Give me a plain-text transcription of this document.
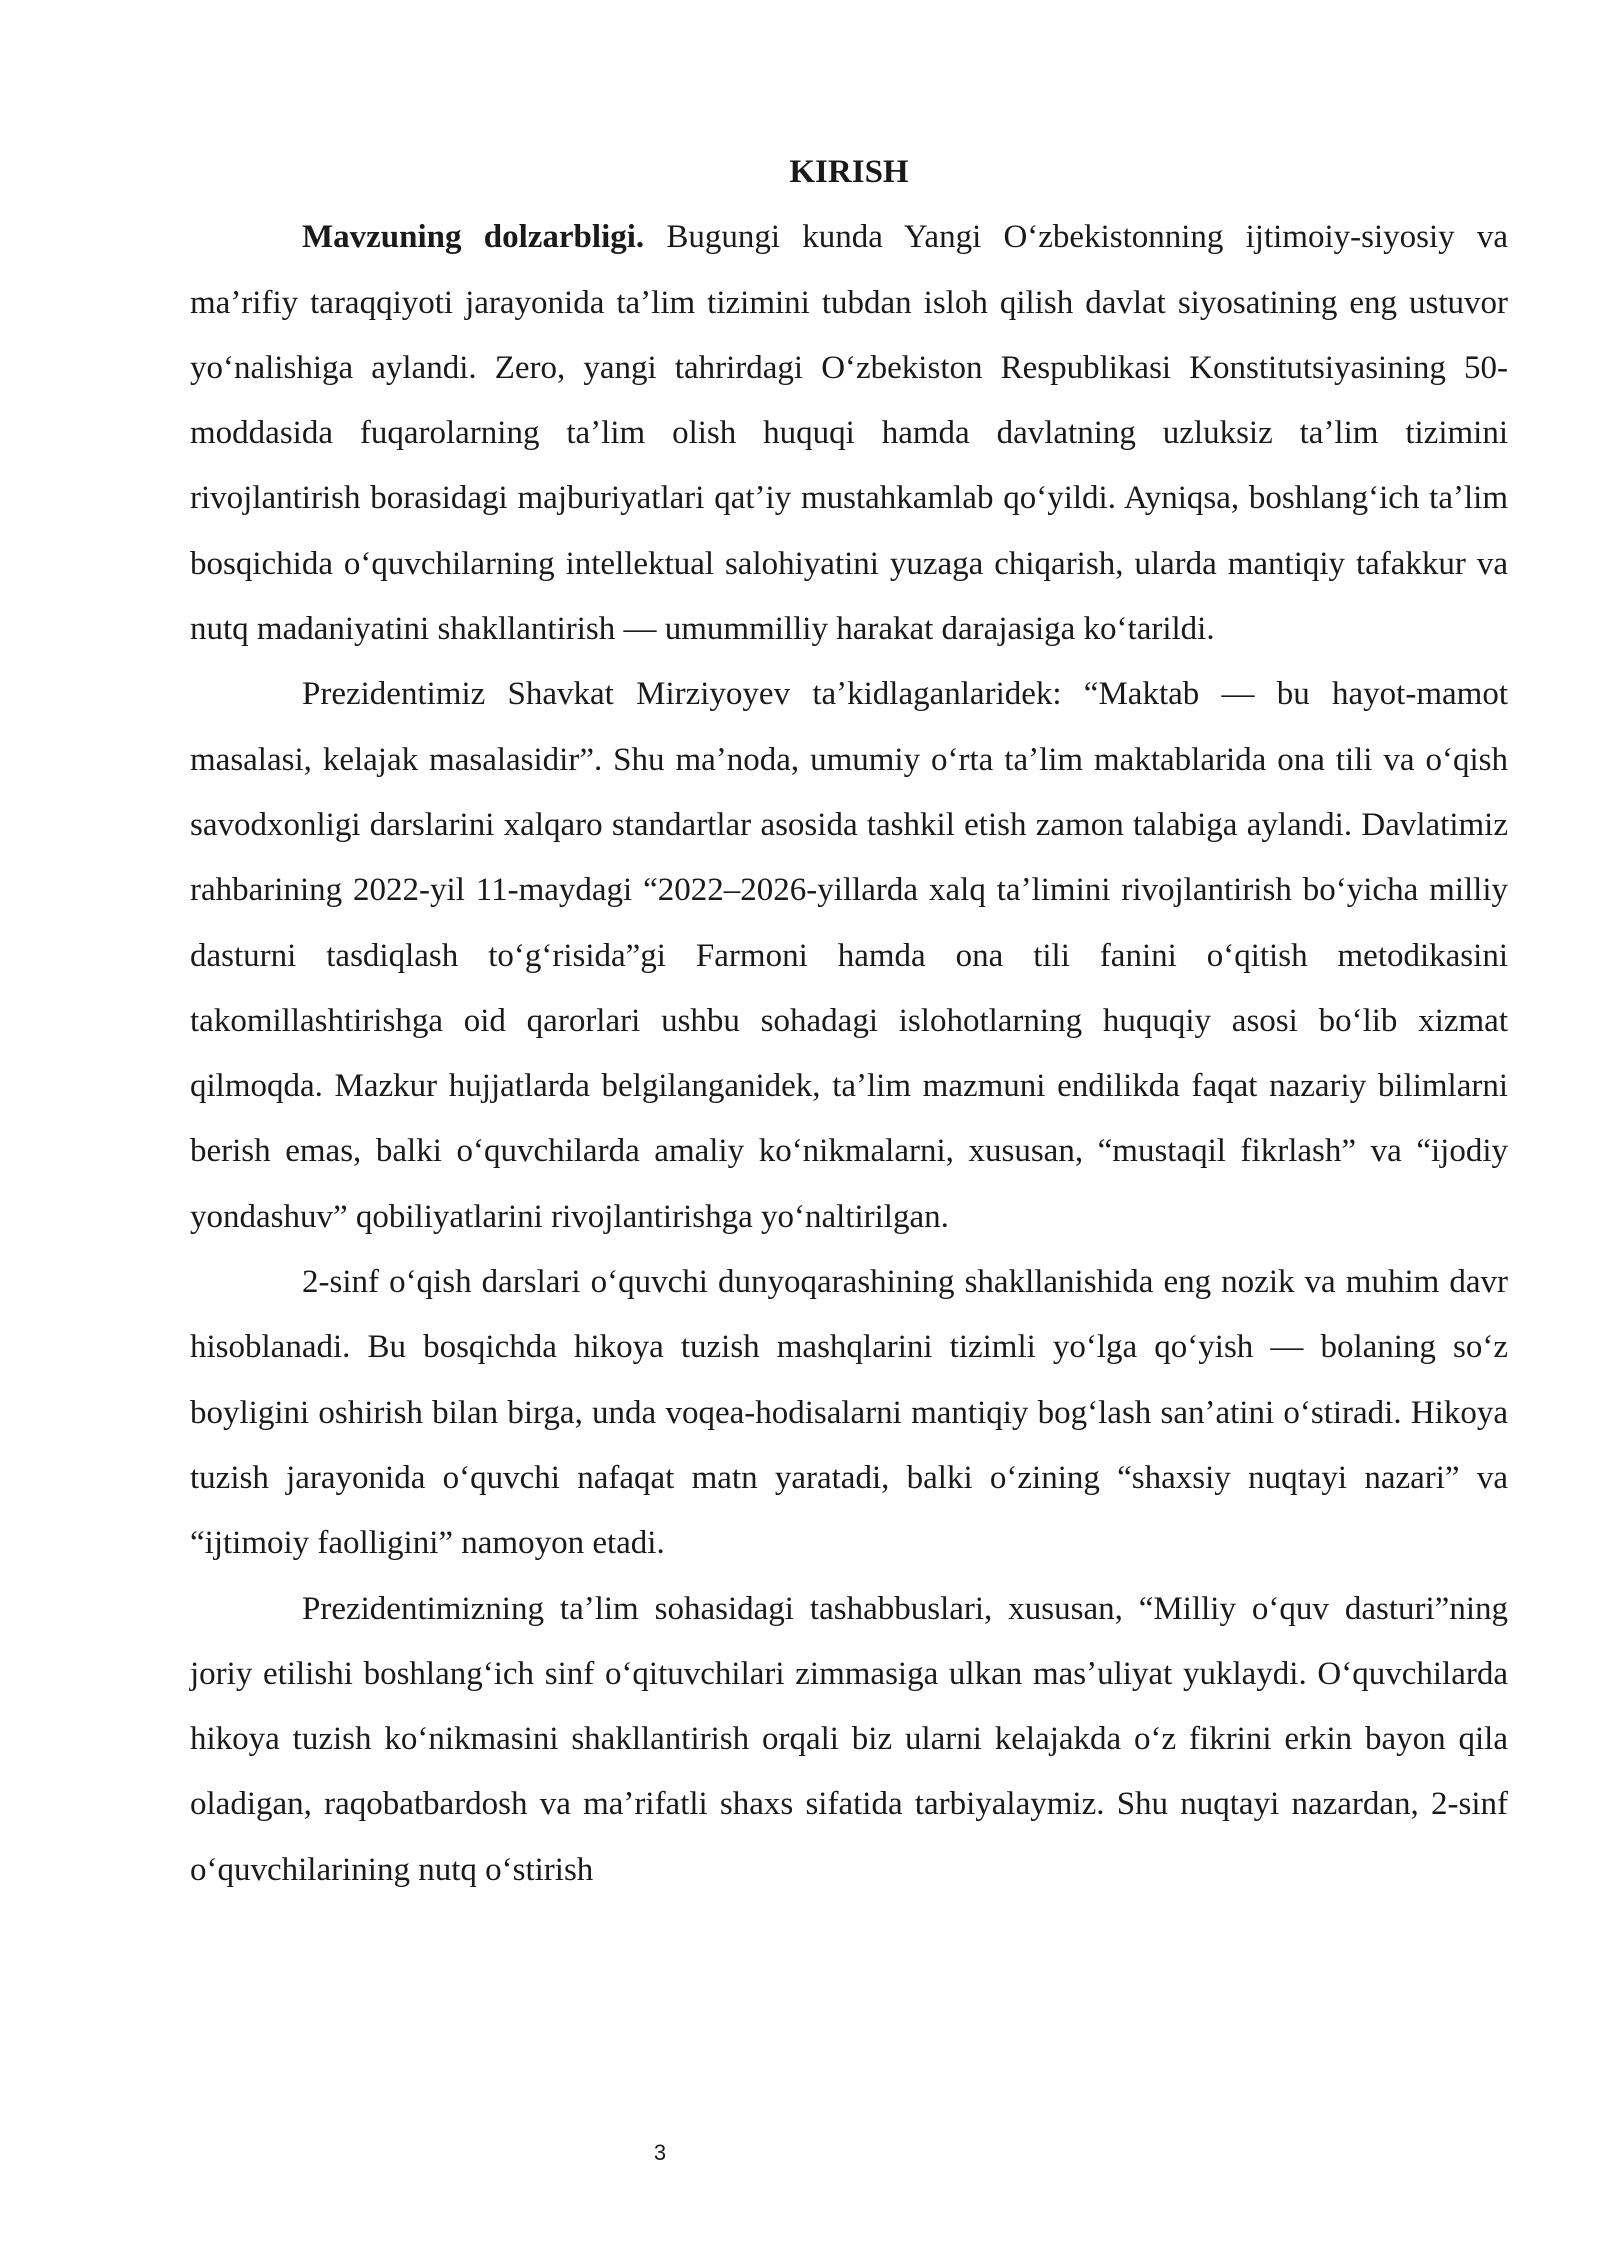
KIRISH

Mavzuning dolzarbligi. Bugungi kunda Yangi Oʻzbekistonning ijtimoiy-siyosiy va maʼrifiy taraqqiyoti jarayonida taʼlim tizimini tubdan isloh qilish davlat siyosatining eng ustuvor yoʻnalishiga aylandi. Zero, yangi tahrirdagi Oʻzbekiston Respublikasi Konstitutsiyasining 50-moddasida fuqarolarning taʼlim olish huquqi hamda davlatning uzluksiz taʼlim tizimini rivojlantirish borasidagi majburiyatlari qatʼiy mustahkamlab qoʻyildi. Ayniqsa, boshlangʻich taʼlim bosqichida oʻquvchilarning intellektual salohiyatini yuzaga chiqarish, ularda mantiqiy tafakkur va nutq madaniyatini shakllantirish — umummilliy harakat darajasiga koʻtarildi.

Prezidentimiz Shavkat Mirziyoyev taʼkidlaganlaridek: “Maktab — bu hayot-mamot masalasi, kelajak masalasidir”. Shu maʼnoda, umumiy oʻrta taʼlim maktablarida ona tili va oʻqish savodxonligi darslarini xalqaro standartlar asosida tashkil etish zamon talabiga aylandi. Davlatimiz rahbarining 2022-yil 11-maydagi “2022–2026-yillarda xalq taʼlimini rivojlantirish boʻyicha milliy dasturni tasdiqlash toʻgʻrisida”gi Farmoni hamda ona tili fanini oʻqitish metodikasini takomillashtirishga oid qarorlari ushbu sohadagi islohotlarning huquqiy asosi boʻlib xizmat qilmoqda. Mazkur hujjatlarda belgilanganidek, taʼlim mazmuni endilikda faqat nazariy bilimlarni berish emas, balki oʻquvchilarda amaliy koʻnikmalarni, xususan, “mustaqil fikrlash” va “ijodiy yondashuv” qobiliyatlarini rivojlantirishga yoʻnaltirilgan.

2-sinf oʻqish darslari oʻquvchi dunyoqarashining shakllanishida eng nozik va muhim davr hisoblanadi. Bu bosqichda hikoya tuzish mashqlarini tizimli yoʻlga qoʻyish — bolaning soʻz boyligini oshirish bilan birga, unda voqea-hodisalarni mantiqiy bogʻlash sanʼatini oʻstiradi. Hikoya tuzish jarayonida oʻquvchi nafaqat matn yaratadi, balki oʻzining “shaxsiy nuqtayi nazari” va “ijtimoiy faolligini” namoyon etadi.

Prezidentimizning taʼlim sohasidagi tashabbuslari, xususan, “Milliy oʻquv dasturi”ning joriy etilishi boshlangʻich sinf oʻqituvchilari zimmasiga ulkan masʼuliyat yuklaydi. Oʻquvchilarda hikoya tuzish koʻnikmasini shakllantirish orqali biz ularni kelajakda oʻz fikrini erkin bayon qila oladigan, raqobatbardosh va maʼrifatli shaxs sifatida tarbiyalaymiz. Shu nuqtayi nazardan, 2-sinf oʻquvchilarining nutq oʻstirish

3
